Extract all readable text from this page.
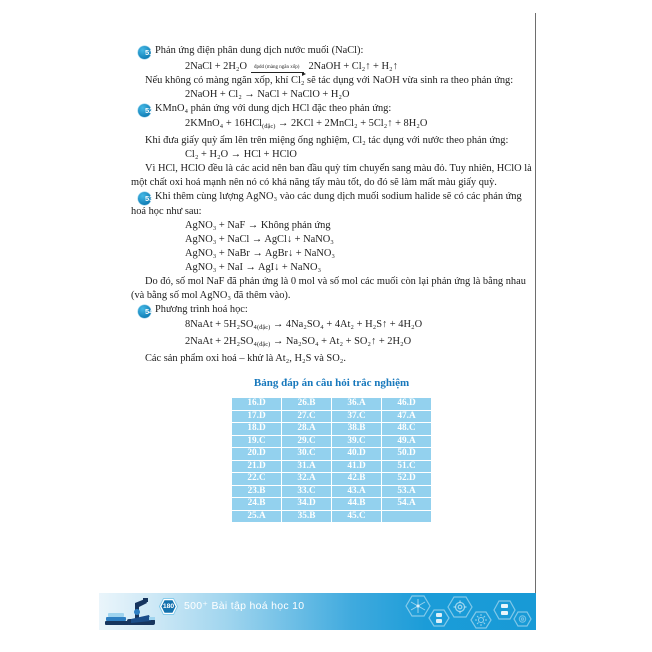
51 Phản ứng điện phân dung dịch nước muối (NaCl):

2NaCl + 2H₂O đpdd (màng ngăn xốp) 2NaOH + Cl₂↑ + H₂↑

Nếu không có màng ngăn xốp, khí Cl₂ sẽ tác dụng với NaOH vừa sinh ra theo phản ứng:

2NaOH + Cl₂ → NaCl + NaClO + H₂O

52 KMnO₄ phản ứng với dung dịch HCl đặc theo phản ứng:

2KMnO₄ + 16HCl(đặc) → 2KCl + 2MnCl₂ + 5Cl₂↑ + 8H₂O

Khi đưa giấy quỳ ẩm lên trên miệng ống nghiệm, Cl₂ tác dụng với nước theo phản ứng:

Cl₂ + H₂O → HCl + HClO

Vì HCl, HClO đều là các acid nên ban đầu quỳ tím chuyển sang màu đỏ. Tuy nhiên, HClO là một chất oxi hoá mạnh nên nó có khả năng tẩy màu tốt, do đó sẽ làm mất màu giấy quỳ.

53 Khi thêm cùng lượng AgNO₃ vào các dung dịch muối sodium halide sẽ có các phản ứng hoá học như sau:

AgNO₃ + NaF → Không phản ứng

AgNO₃ + NaCl → AgCl↓ + NaNO₃

AgNO₃ + NaBr → AgBr↓ + NaNO₃

AgNO₃ + NaI → AgI↓ + NaNO₃

Do đó, số mol NaF đã phản ứng là 0 mol và số mol các muối còn lại phản ứng là bằng nhau (và bằng số mol AgNO₃ đã thêm vào).

54 Phương trình hoá học:

8NaAt + 5H₂SO₄(đặc) → 4Na₂SO₄ + 4At₂ + H₂S↑ + 4H₂O

2NaAt + 2H₂SO₄(đặc) → Na₂SO₄ + At₂ + SO₂↑ + 2H₂O

Các sản phẩm oxi hoá – khử là At₂, H₂S và SO₂.

Bảng đáp án câu hỏi trắc nghiệm
16.D	26.B	36.A	46.D
17.D	27.C	37.C	47.A
18.D	28.A	38.B	48.C
19.C	29.C	39.C	49.A
20.D	30.C	40.D	50.D
21.D	31.A	41.D	51.C
22.C	32.A	42.B	52.D
23.B	33.C	43.A	53.A
24.B	34.D	44.B	54.A
25.A	35.B	45.C	
180 500⁺ Bài tập hoá học 10
